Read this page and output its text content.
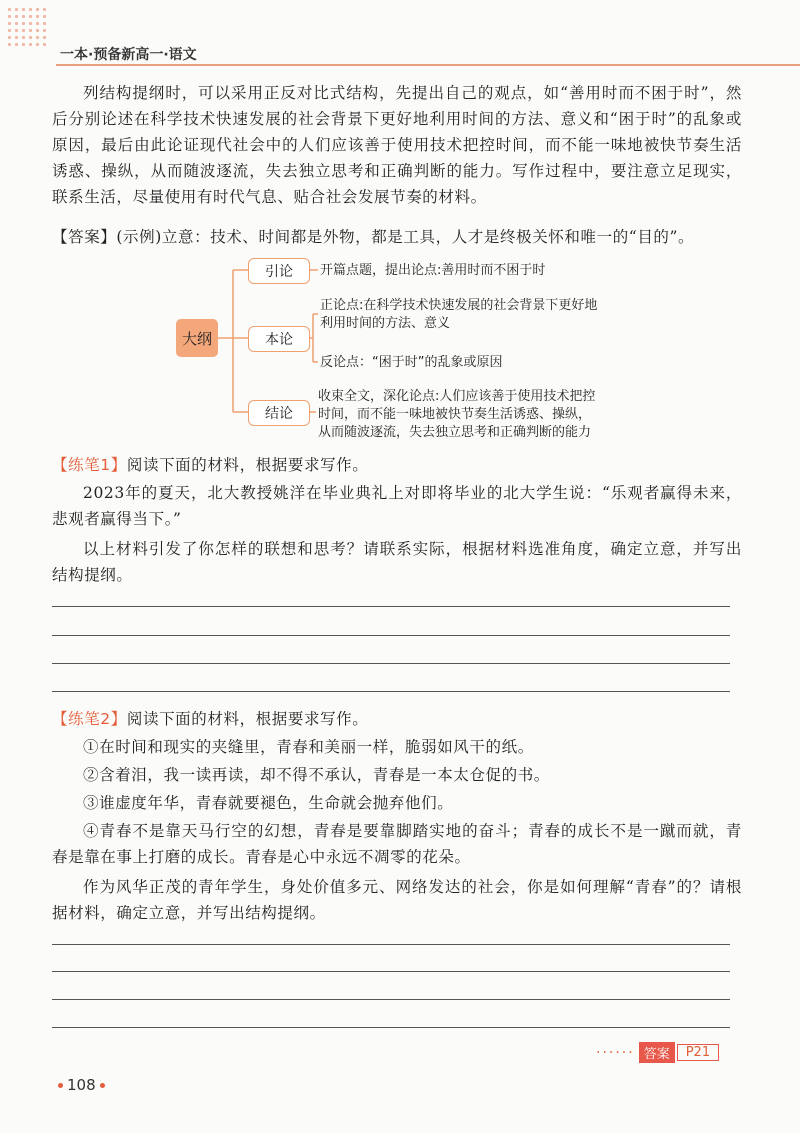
一本·预备新高一·语文

列结构提纲时，可以采用正反对比式结构，先提出自己的观点，如“善用时而不困于时”，然后分别论述在科学技术快速发展的社会背景下更好地利用时间的方法、意义和“困于时”的乱象或原因，最后由此论证现代社会中的人们应该善于使用技术把控时间，而不能一味地被快节奏生活诱惑、操纵，从而随波逐流，失去独立思考和正确判断的能力。写作过程中，要注意立足现实，联系生活，尽量使用有时代气息、贴合社会发展节奏的材料。

【答案】(示例)立意：技术、时间都是外物，都是工具，人才是终极关怀和唯一的“目的”。

大纲
引论
本论
结论
开篇点题，提出论点:善用时而不困于时
正论点:在科学技术快速发展的社会背景下更好地
利用时间的方法、意义
反论点：“困于时”的乱象或原因
收束全文，深化论点:人们应该善于使用技术把控
时间，而不能一味地被快节奏生活诱惑、操纵，
从而随波逐流，失去独立思考和正确判断的能力

【练笔1】阅读下面的材料，根据要求写作。

2023年的夏天，北大教授姚洋在毕业典礼上对即将毕业的北大学生说：“乐观者赢得未来，悲观者赢得当下。”

以上材料引发了你怎样的联想和思考？请联系实际，根据材料选准角度，确定立意，并写出结构提纲。

【练笔2】阅读下面的材料，根据要求写作。

①在时间和现实的夹缝里，青春和美丽一样，脆弱如风干的纸。

②含着泪，我一读再读，却不得不承认，青春是一本太仓促的书。

③谁虚度年华，青春就要褪色，生命就会抛弃他们。

④青春不是靠天马行空的幻想，青春是要靠脚踏实地的奋斗；青春的成长不是一蹴而就，青春是靠在事上打磨的成长。青春是心中永远不凋零的花朵。

作为风华正茂的青年学生，身处价值多元、网络发达的社会，你是如何理解“青春”的？请根据材料，确定立意，并写出结构提纲。

······ 答案	P21
108
